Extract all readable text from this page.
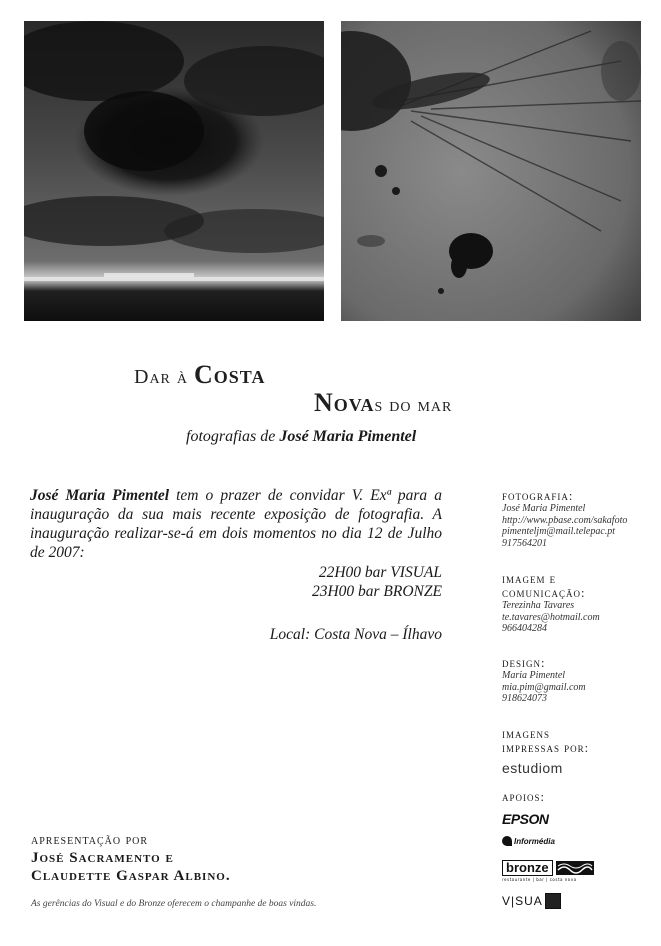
Dar à Costa
Novas do mar
fotografias de José Maria Pimentel
José Maria Pimentel tem o prazer de convidar V. Exª para a inauguração da sua mais recente exposição de fotografia. A inauguração realizar-se-á em dois momentos no dia 12 de Julho de 2007:
22H00 bar VISUAL
23H00 bar BRONZE
Local: Costa Nova – Ílhavo
fotografia:
José Maria Pimentel
http://www.pbase.com/sakafoto
pimenteljm@mail.telepac.pt
917564201
imagem e
comunicação:
Terezinha Tavares
te.tavares@hotmail.com
966404284
design:
Maria Pimentel
mia.pim@gmail.com
918624073
imagens
impressas por:
apoios:
estudiom
EPSON
Informédia
bronze
restaurante | bar | costa nova
V|SUA
apresentação por
José Sacramento e
Claudette Gaspar Albino.
As gerências do Visual e do Bronze oferecem o champanhe de boas vindas.
